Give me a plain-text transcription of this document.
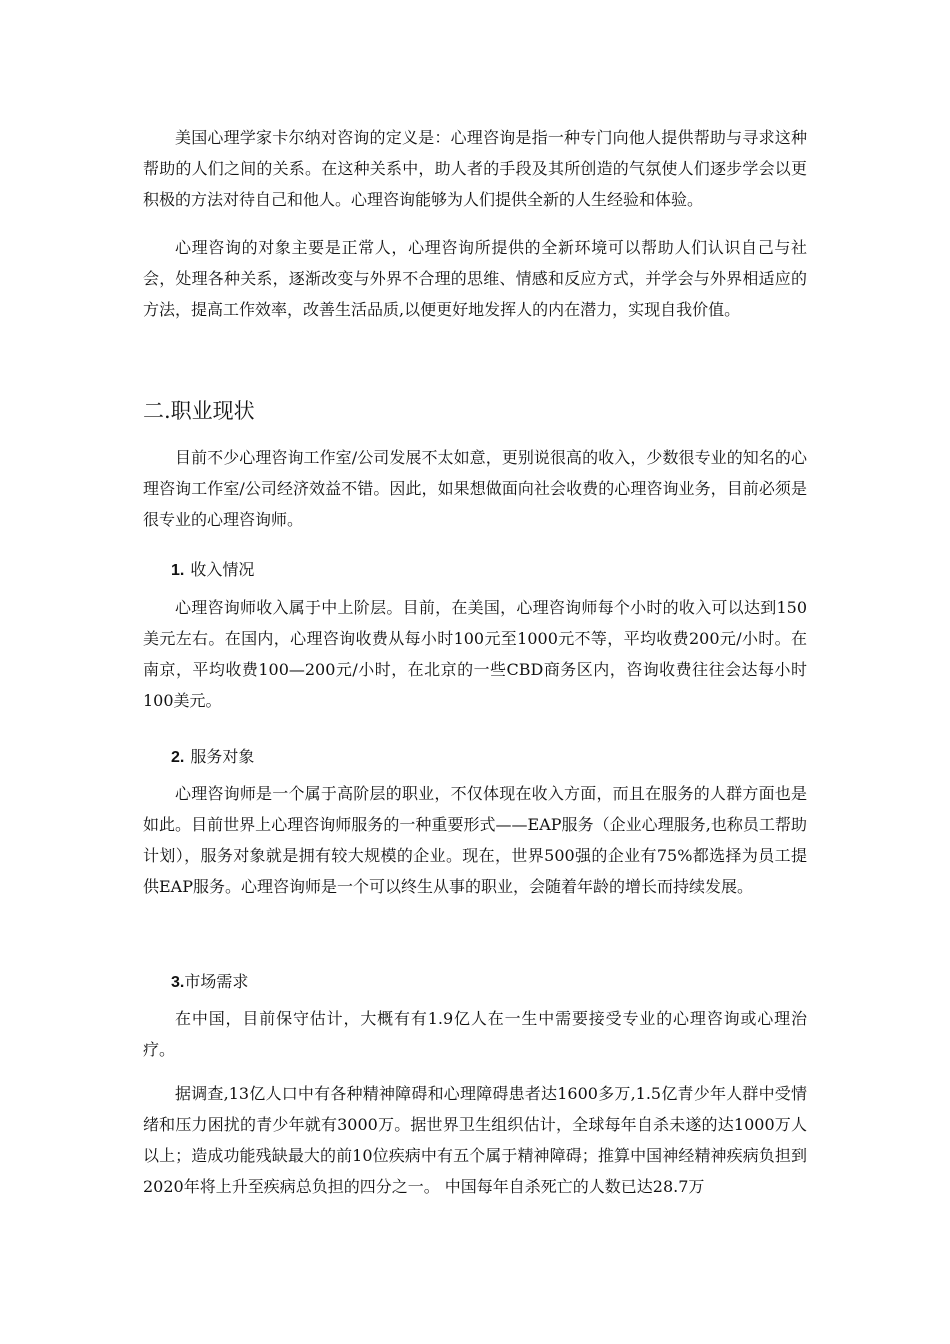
美国心理学家卡尔纳对咨询的定义是：心理咨询是指一种专门向他人提供帮助与寻求这种帮助的人们之间的关系。在这种关系中，助人者的手段及其所创造的气氛使人们逐步学会以更积极的方法对待自己和他人。心理咨询能够为人们提供全新的人生经验和体验。

心理咨询的对象主要是正常人，心理咨询所提供的全新环境可以帮助人们认识自己与社会，处理各种关系，逐渐改变与外界不合理的思维、情感和反应方式，并学会与外界相适应的方法，提高工作效率，改善生活品质,以便更好地发挥人的内在潜力，实现自我价值。

二.职业现状

目前不少心理咨询工作室/公司发展不太如意，更别说很高的收入，少数很专业的知名的心理咨询工作室/公司经济效益不错。因此，如果想做面向社会收费的心理咨询业务，目前必须是很专业的心理咨询师。

1. 收入情况

心理咨询师收入属于中上阶层。目前，在美国，心理咨询师每个小时的收入可以达到150美元左右。在国内，心理咨询收费从每小时100元至1000元不等，平均收费200元/小时。在南京，平均收费100—200元/小时，在北京的一些CBD商务区内，咨询收费往往会达每小时100美元。

2. 服务对象

心理咨询师是一个属于高阶层的职业，不仅体现在收入方面，而且在服务的人群方面也是如此。目前世界上心理咨询师服务的一种重要形式——EAP服务（企业心理服务,也称员工帮助计划），服务对象就是拥有较大规模的企业。现在，世界500强的企业有75%都选择为员工提供EAP服务。心理咨询师是一个可以终生从事的职业，会随着年龄的增长而持续发展。

3.市场需求

在中国，目前保守估计，大概有有1.9亿人在一生中需要接受专业的心理咨询或心理治疗。

据调查,13亿人口中有各种精神障碍和心理障碍患者达1600多万,1.5亿青少年人群中受情绪和压力困扰的青少年就有3000万。据世界卫生组织估计，全球每年自杀未遂的达1000万人以上；造成功能残缺最大的前10位疾病中有五个属于精神障碍；推算中国神经精神疾病负担到2020年将上升至疾病总负担的四分之一。 中国每年自杀死亡的人数已达28.7万
